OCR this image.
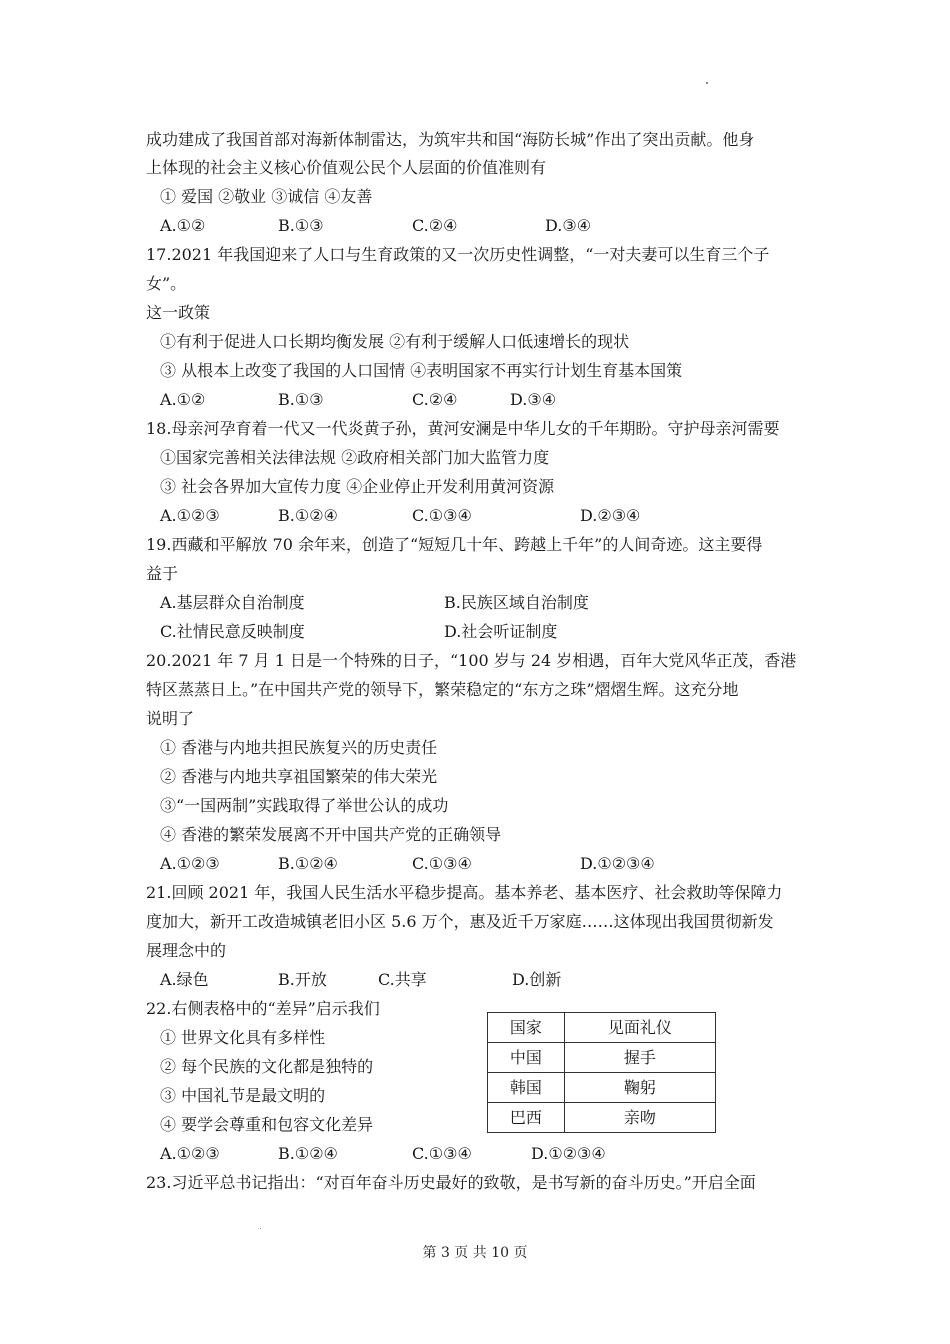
成功建成了我国首部对海新体制雷达，为筑牢共和国“海防长城”作出了突出贡献。他身

上体现的社会主义核心价值观公民个人层面的价值准则有

① 爱国 ②敬业 ③诚信 ④友善

A.①②	B.①③	C.②④	D.③④

17.2021 年我国迎来了人口与生育政策的又一次历史性调整，“一对夫妻可以生育三个子

女”。

这一政策

①有利于促进人口长期均衡发展 ②有利于缓解人口低速增长的现状

③ 从根本上改变了我国的人口国情 ④表明国家不再实行计划生育基本国策

A.①②	B.①③	C.②④	D.③④

18.母亲河孕育着一代又一代炎黄子孙，黄河安澜是中华儿女的千年期盼。守护母亲河需要

①国家完善相关法律法规 ②政府相关部门加大监管力度

③ 社会各界加大宣传力度 ④企业停止开发利用黄河资源

A.①②③	B.①②④	C.①③④	D.②③④

19.西藏和平解放 70 余年来，创造了“短短几十年、跨越上千年”的人间奇迹。这主要得

益于

A.基层群众自治制度	B.民族区域自治制度
C.社情民意反映制度	D.社会听证制度

20.2021 年 7 月 1 日是一个特殊的日子，“100 岁与 24 岁相遇，百年大党风华正茂，香港

特区蒸蒸日上。”在中国共产党的领导下，繁荣稳定的“东方之珠”熠熠生辉。这充分地

说明了

① 香港与内地共担民族复兴的历史责任

② 香港与内地共享祖国繁荣的伟大荣光

③“一国两制”实践取得了举世公认的成功

④ 香港的繁荣发展离不开中国共产党的正确领导

A.①②③	B.①②④	C.①③④	D.①②③④

21.回顾 2021 年，我国人民生活水平稳步提高。基本养老、基本医疗、社会救助等保障力

度加大，新开工改造城镇老旧小区 5.6 万个，惠及近千万家庭……这体现出我国贯彻新发

展理念中的

A.绿色	B.开放	C.共享	D.创新

22.右侧表格中的“差异”启示我们

① 世界文化具有多样性

② 每个民族的文化都是独特的

③ 中国礼节是最文明的

④ 要学会尊重和包容文化差异

A.①②③	B.①②④	C.①③④	D.①②③④
国家	见面礼仪
中国	握手
韩国	鞠躬
巴西	亲吻

23.习近平总书记指出：“对百年奋斗历史最好的致敬，是书写新的奋斗历史。”开启全面

第 3 页 共 10 页
